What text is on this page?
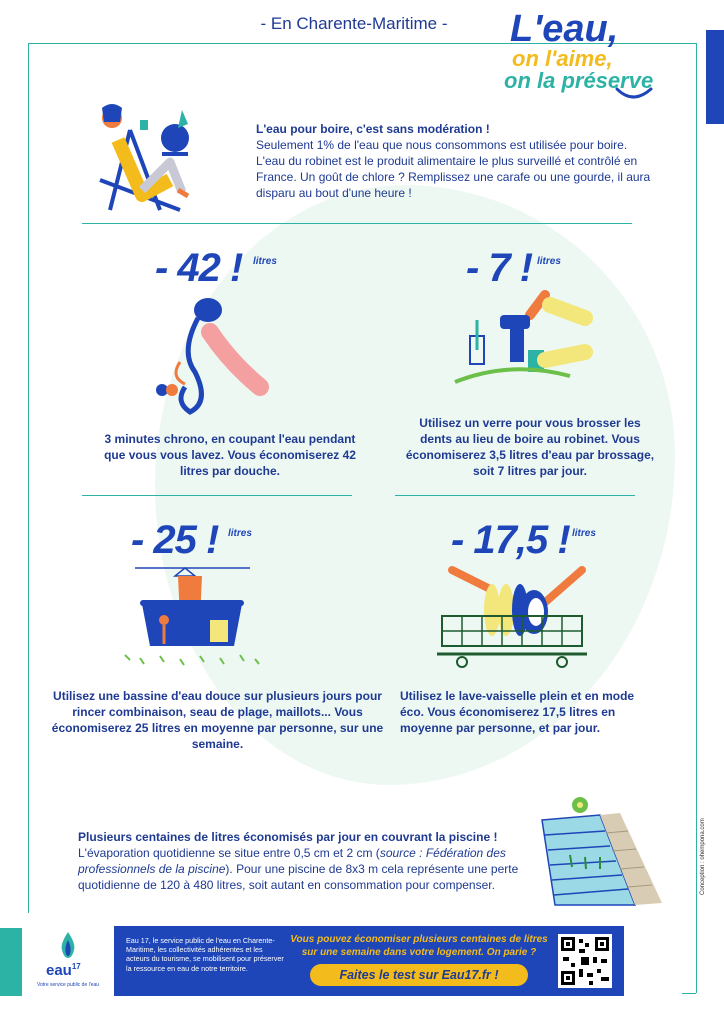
- En Charente-Maritime -	L'eau,
on l'aime,
on la préserve
L'eau pour boire, c'est sans modération !
Seulement 1% de l'eau que nous consommons est utilisée pour boire. L'eau du robinet est le produit alimentaire le plus surveillé et contrôlé en France. Un goût de chlore ? Remplissez une carafe ou une gourde, il aura disparu au bout d'une heure !
- 42 ! litres
3 minutes chrono, en coupant l'eau pendant que vous vous lavez. Vous économiserez 42 litres par douche.
- 7 ! litres
Utilisez un verre pour vous brosser les dents au lieu de boire au robinet. Vous économiserez 3,5 litres d'eau par brossage, soit 7 litres par jour.
- 25 ! litres
Utilisez une bassine d'eau douce sur plusieurs jours pour rincer combinaison, seau de plage, maillots... Vous économiserez 25 litres en moyenne par personne, sur une semaine.
- 17,5 ! litres
Utilisez le lave-vaisselle plein et en mode éco. Vous économiserez 17,5 litres en moyenne par personne, et par jour.
Plusieurs centaines de litres économisés par jour en couvrant la piscine !
L'évaporation quotidienne se situe entre 0,5 cm et 2 cm (source : Fédération des professionnels de la piscine). Pour une piscine de 8x3 m cela représente une perte quotidienne de 120 à 480 litres, soit autant en consommation pour compenser.
eau$^{17}$
Votre service public de l'eau
Eau 17, le service public de l'eau en Charente-Maritime, les collectivités adhérentes et les acteurs du tourisme, se mobilisent pour préserver la ressource en eau de notre territoire.
Vous pouvez économiser plusieurs centaines de litres sur une semaine dans votre logement. On parie ?
Faites le test sur Eau17.fr !
Conception : ohempona.com
